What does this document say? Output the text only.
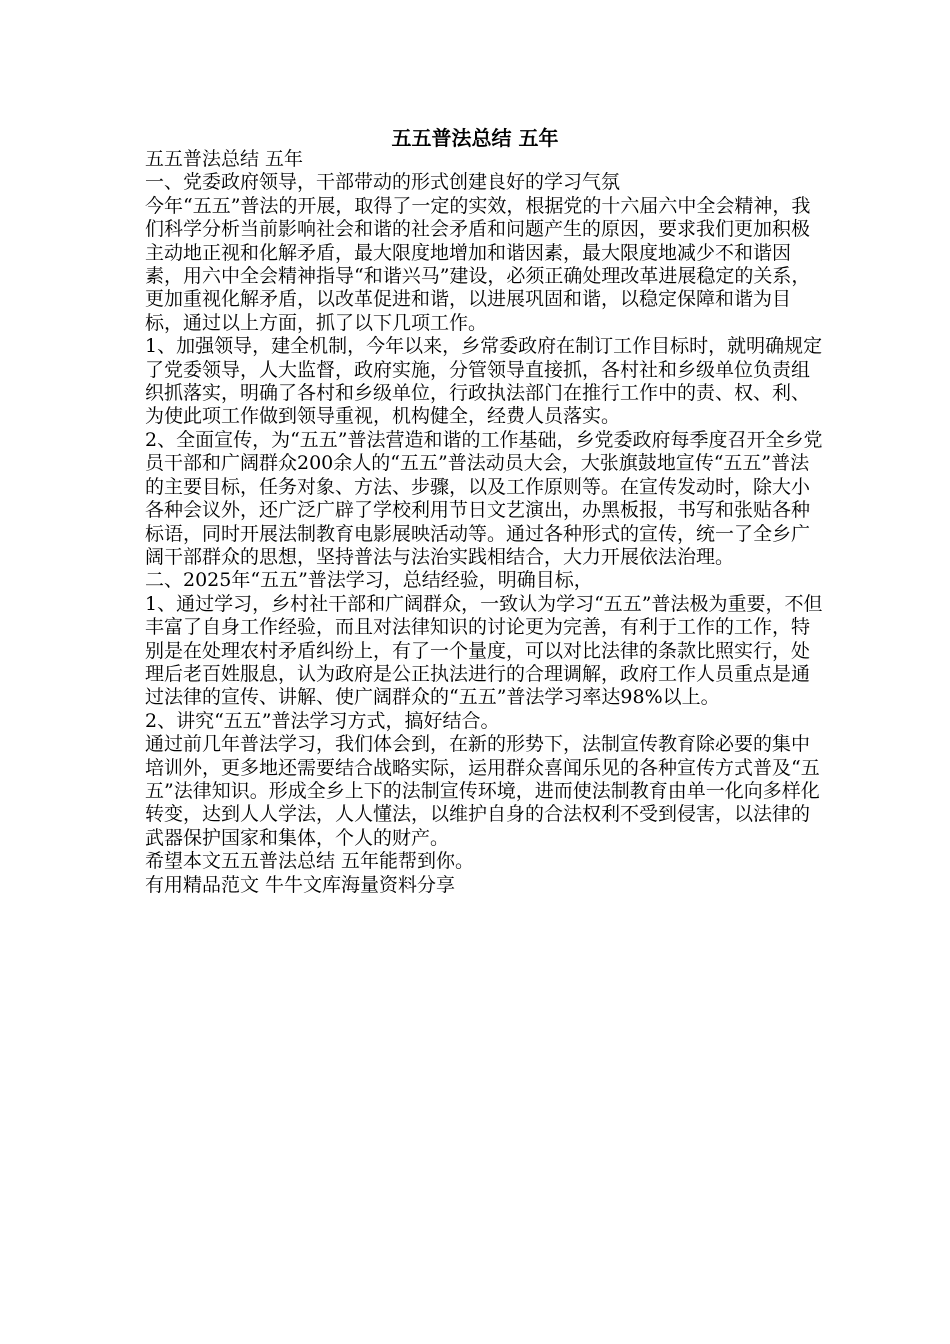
五五普法总结 五年

五五普法总结 五年

一、党委政府领导，干部带动的形式创建良好的学习气氛

今年“五五”普法的开展，取得了一定的实效，根据党的十六届六中全会精神，我们科学分析当前影响社会和谐的社会矛盾和问题产生的原因，要求我们更加积极主动地正视和化解矛盾，最大限度地增加和谐因素，最大限度地减少不和谐因素，用六中全会精神指导“和谐兴马”建设，必须正确处理改革进展稳定的关系，更加重视化解矛盾，以改革促进和谐，以进展巩固和谐，以稳定保障和谐为目标，通过以上方面，抓了以下几项工作。

1、加强领导，建全机制，今年以来，乡常委政府在制订工作目标时，就明确规定了党委领导，人大监督，政府实施，分管领导直接抓，各村社和乡级单位负责组织抓落实，明确了各村和乡级单位，行政执法部门在推行工作中的责、权、利、为使此项工作做到领导重视，机构健全，经费人员落实。

2、全面宣传，为“五五”普法营造和谐的工作基础，乡党委政府每季度召开全乡党员干部和广阔群众200余人的“五五”普法动员大会，大张旗鼓地宣传“五五”普法的主要目标，任务对象、方法、步骤，以及工作原则等。在宣传发动时，除大小各种会议外，还广泛广辟了学校利用节日文艺演出，办黑板报，书写和张贴各种标语，同时开展法制教育电影展映活动等。通过各种形式的宣传，统一了全乡广阔干部群众的思想，坚持普法与法治实践相结合，大力开展依法治理。

二、2025年“五五”普法学习，总结经验，明确目标，

1、通过学习，乡村社干部和广阔群众，一致认为学习“五五”普法极为重要，不但丰富了自身工作经验，而且对法律知识的讨论更为完善，有利于工作的工作，特别是在处理农村矛盾纠纷上，有了一个量度，可以对比法律的条款比照实行，处理后老百姓服息，认为政府是公正执法进行的合理调解，政府工作人员重点是通过法律的宣传、讲解、使广阔群众的“五五”普法学习率达98%以上。

2、讲究“五五”普法学习方式，搞好结合。

通过前几年普法学习，我们体会到，在新的形势下，法制宣传教育除必要的集中培训外，更多地还需要结合战略实际，运用群众喜闻乐见的各种宣传方式普及“五五”法律知识。形成全乡上下的法制宣传环境，进而使法制教育由单一化向多样化转变，达到人人学法，人人懂法，以维护自身的合法权利不受到侵害，以法律的武器保护国家和集体，个人的财产。

希望本文五五普法总结 五年能帮到你。

有用精品范文 牛牛文库海量资料分享
